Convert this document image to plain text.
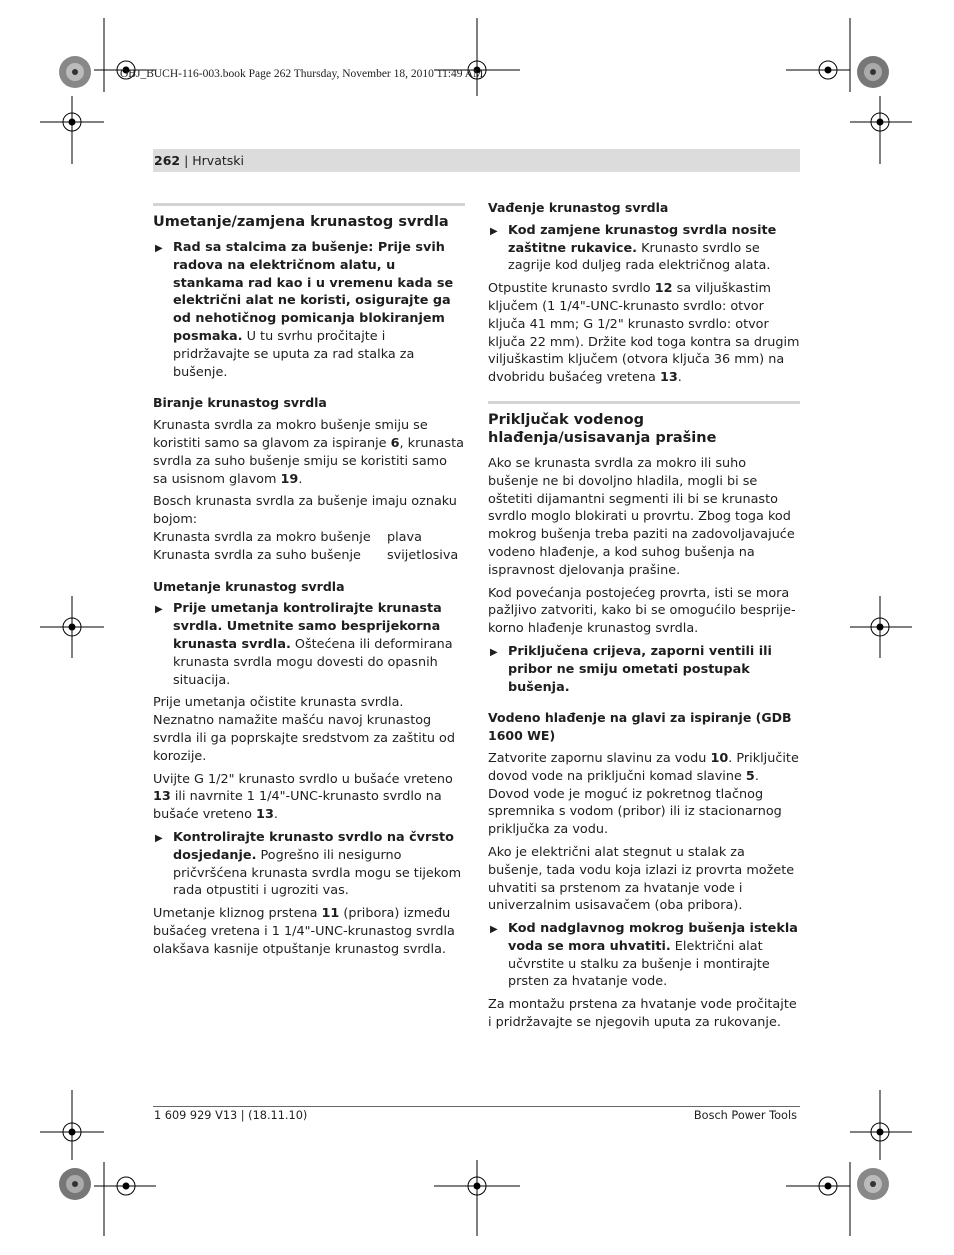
OBJ_BUCH-116-003.book Page 262 Thursday, November 18, 2010 11:49 AM
262 | Hrvatski
Umetanje/zamjena krunastog svrdla
▶ Rad sa stalcima za bušenje: Prije svih radova na električnom alatu, u stankama rad kao i u vremenu kada se električni alat ne koristi, osigurajte ga od nehotičnog pomicanja blokiranjem posmaka. U tu svrhu pročitajte i pridržavajte se uputa za rad stalka za bušenje.
Biranje krunastog svrdla

Krunasta svrdla za mokro bušenje smiju se koristiti samo sa glavom za ispiranje 6, krunasta svrdla za suho bušenje smiju se koristiti samo sa usisnom glavom 19.

Bosch krunasta svrdla za bušenje imaju oznaku bojom:

Krunasta svrdla za mokro bušenje	plava
Krunasta svrdla za suho bušenje	svijetlosiva
Umetanje krunastog svrdla
▶ Prije umetanja kontrolirajte krunasta svrdla. Umetnite samo besprijekorna krunasta svrdla. Oštećena ili deformirana krunasta svrdla mogu dovesti do opasnih situacija.

Prije umetanja očistite krunasta svrdla. Neznatno namažite mašću navoj krunastog svrdla ili ga poprskajte sredstvom za zaštitu od korozije.

Uvijte G 1/2" krunasto svrdlo u bušaće vreteno 13 ili navrnite 1 1/4"-UNC-krunasto svrdlo na bušaće vreteno 13.

▶ Kontrolirajte krunasto svrdlo na čvrsto dosjedanje. Pogrešno ili nesigurno pričvršćena krunasta svrdla mogu se tijekom rada otpustiti i ugroziti vas.

Umetanje kliznog prstena 11 (pribora) između bušaćeg vretena i 1 1/4"-UNC-krunastog svrdla olakšava kasnije otpuštanje krunastog svrdla.

Vađenje krunastog svrdla
▶ Kod zamjene krunastog svrdla nosite zaštitne rukavice. Krunasto svrdlo se zagrije kod duljeg rada električnog alata.

Otpustite krunasto svrdlo 12 sa viljuškastim ključem (1 1/4"-UNC-krunasto svrdlo: otvor ključa 41 mm; G 1/2" krunasto svrdlo: otvor ključa 22 mm). Držite kod toga kontra sa drugim viljuškastim ključem (otvora ključa 36 mm) na dvobridu bušaćeg vretena 13.

Priključak vodenog hlađenja/usisavanja prašine

Ako se krunasta svrdla za mokro ili suho bušenje ne bi dovoljno hladila, mogli bi se oštetiti dijamantni segmenti ili bi se krunasto svrdlo moglo blokirati u provrtu. Zbog toga kod mokrog bušenja treba paziti na zadovoljavajuće vodeno hlađenje, a kod suhog bušenja na ispravnost djelovanja prašine.

Kod povećanja postojećeg provrta, isti se mora pažljivo zatvoriti, kako bi se omogućilo besprije-korno hlađenje krunastog svrdla.

▶ Priključena crijeva, zaporni ventili ili pribor ne smiju ometati postupak bušenja.
Vodeno hlađenje na glavi za ispiranje (GDB 1600 WE)

Zatvorite zapornu slavinu za vodu 10. Priključite dovod vode na priključni komad slavine 5. Dovod vode je moguć iz pokretnog tlačnog spremnika s vodom (pribor) ili iz stacionarnog priključka za vodu.

Ako je električni alat stegnut u stalak za bušenje, tada vodu koja izlazi iz provrta možete uhvatiti sa prstenom za hvatanje vode i univerzalnim usisavačem (oba pribora).

▶ Kod nadglavnog mokrog bušenja istekla voda se mora uhvatiti. Električni alat učvrstite u stalku za bušenje i montirajte prsten za hvatanje vode.

Za montažu prstena za hvatanje vode pročitajte i pridržavajte se njegovih uputa za rukovanje.

1 609 929 V13 | (18.11.10)	Bosch Power Tools
